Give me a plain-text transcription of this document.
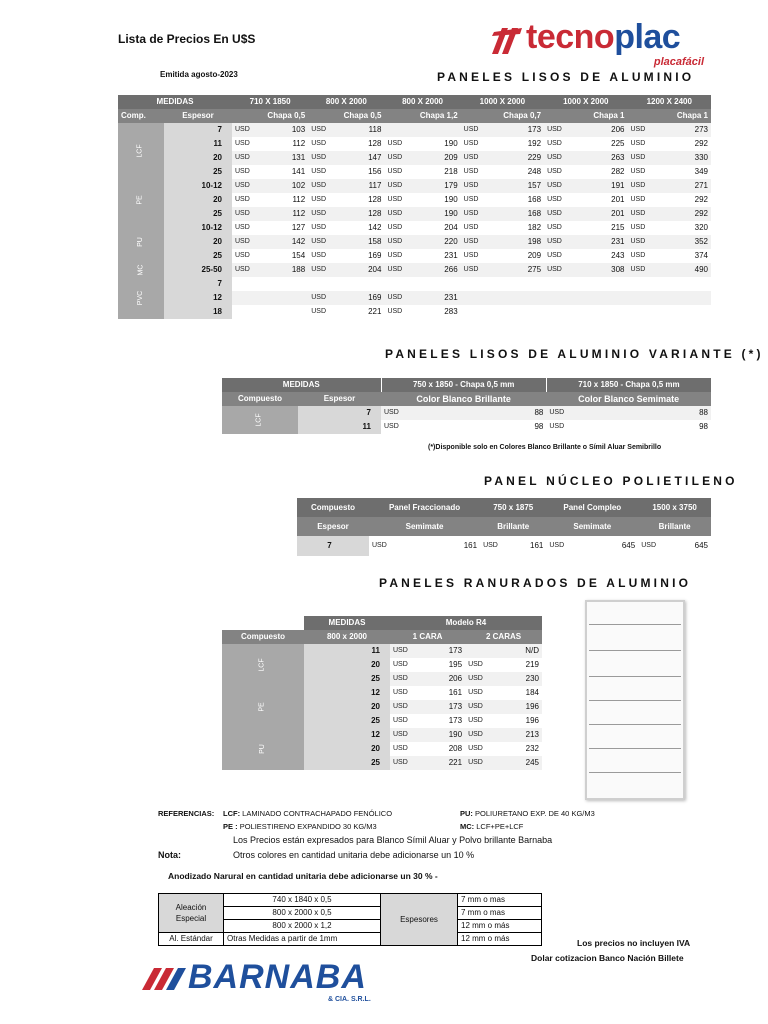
Lista de Precios En U$S
Emitida agosto-2023
tecnoplac
placafácil
PANELES LISOS DE ALUMINIO
MEDIDAS		710 X 1850		800 X 2000		800 X 2000		1000 X 2000		1000 X 2000		1200 X 2400	
Comp.	Espesor	Chapa 0,5		Chapa 0,5		Chapa 1,2		Chapa 0,7		Chapa 1		Chapa 1	
LCF	7	USD	103	USD	118			USD	173	USD	206	USD	273
	11	USD	112	USD	128	USD	190	USD	192	USD	225	USD	292
	20	USD	131	USD	147	USD	209	USD	229	USD	263	USD	330
	25	USD	141	USD	156	USD	218	USD	248	USD	282	USD	349
PE	10-12	USD	102	USD	117	USD	179	USD	157	USD	191	USD	271
	20	USD	112	USD	128	USD	190	USD	168	USD	201	USD	292
	25	USD	112	USD	128	USD	190	USD	168	USD	201	USD	292
PU	10-12	USD	127	USD	142	USD	204	USD	182	USD	215	USD	320
	20	USD	142	USD	158	USD	220	USD	198	USD	231	USD	352
	25	USD	154	USD	169	USD	231	USD	209	USD	243	USD	374
MC	25-50	USD	188	USD	204	USD	266	USD	275	USD	308	USD	490
PVC	7												
	12			USD	169	USD	231						
	18			USD	221	USD	283						
PANELES LISOS DE ALUMINIO VARIANTE (*)
MEDIDAS		750 x 1850 - Chapa 0,5 mm		710 x 1850 - Chapa 0,5 mm	
Compuesto	Espesor	Color Blanco Brillante		Color Blanco Semimate	
LCF	7	USD	88	USD	88
	11	USD	98	USD	98
(*)Disponible solo en Colores Blanco Brillante o Símil Aluar Semibrillo
PANEL NÚCLEO POLIETILENO
Compuesto	Panel Fraccionado		750 x 1875		Panel Compleo		1500 x 3750	
Espesor	Semimate		Brillante		Semimate		Brillante	
7	USD	161	USD	161	USD	645	USD	645
PANELES RANURADOS DE ALUMINIO
	MEDIDAS	Modelo R4			
Compuesto	800 x 2000	1 CARA		2 CARAS	
LCF	11	USD	173		N/D
	20	USD	195	USD	219
	25	USD	206	USD	230
PE	12	USD	161	USD	184
	20	USD	173	USD	196
	25	USD	173	USD	196
PU	12	USD	190	USD	213
	20	USD	208	USD	232
	25	USD	221	USD	245
REFERENCIAS: LCF: LAMINADO CONTRACHAPADO FENÓLICO
PE : POLIESTIRENO EXPANDIDO 30 KG/M3
PU: POLIURETANO EXP. DE 40 KG/M3
MC: LCF+PE+LCF
Los Precios están expresados para Blanco Símil Aluar y Polvo brillante Barnaba
Nota:	Otros colores en cantidad unitaria debe adicionarse un 10 %
Anodizado Narural en cantidad unitaria debe adicionarse un 30 % -
Aleación Especial	740 x 1840 x 0,5	Espesores	7 mm o mas
	800 x 2000 x 0,5		7 mm o mas
	800 x 2000 x 1,2		12 mm o más
Al. Estándar	Otras Medidas a partir de 1mm		12 mm o más	Los precios no incluyen IVA
Dolar cotizacion Banco Nación Billete
BARNABA
& CIA. S.R.L.
